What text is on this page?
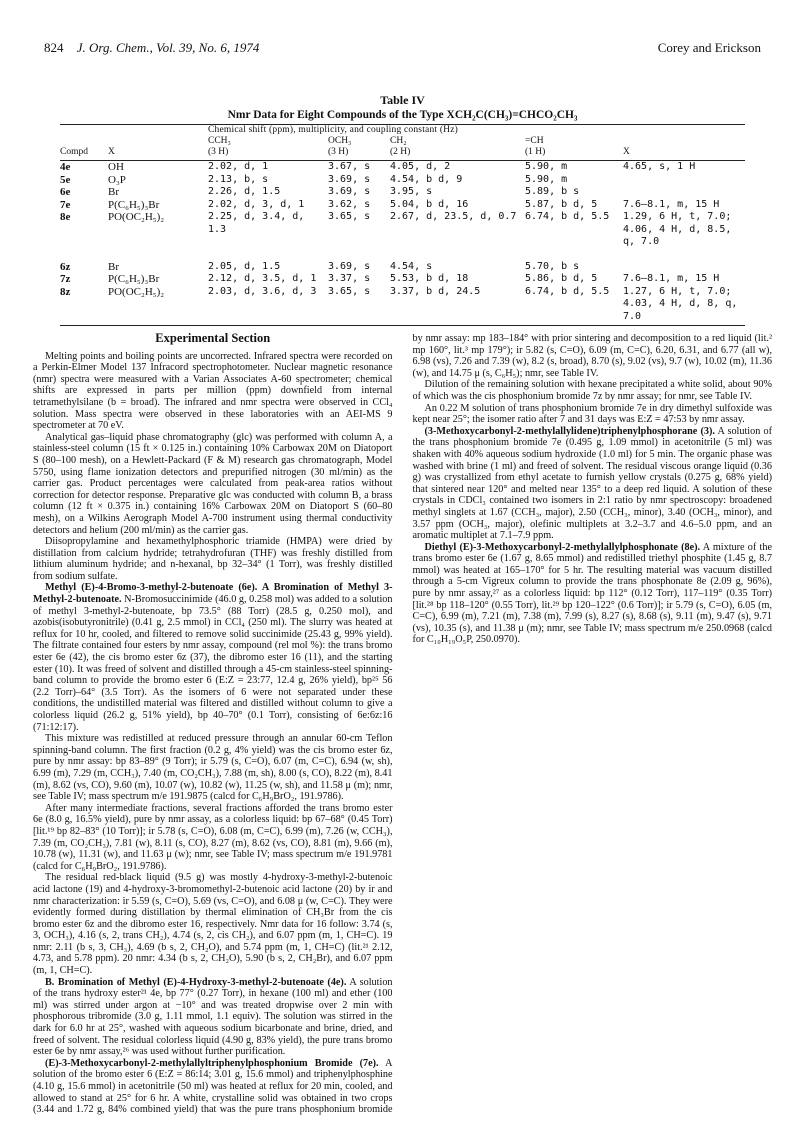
824 J. Org. Chem., Vol. 39, No. 6, 1974	Corey and Erickson
Table IV
Nmr Data for Eight Compounds of the Type XCH₂C(CH₃)=CHCO₂CH₃
		Chemical shift (ppm), multiplicity, and coupling constant (Hz)				
		CCH₃	OCH₃	CH₂	=CH	
Compd	X	(3 H)	(3 H)	(2 H)	(1 H)	X
4e	OH	2.02, d, 1	3.67, s	4.05, d, 2	5.90, m	4.65, s, 1 H
5e	O₃P	2.13, b, s	3.69, s	4.54, b d, 9	5.90, m	
6e	Br	2.26, d, 1.5	3.69, s	3.95, s	5.89, b s	
7e	P(C₆H₅)₃Br	2.02, d, 3, d, 1	3.62, s	5.04, b d, 16	5.87, b d, 5	7.6–8.1, m, 15 H
8e	PO(OC₂H₅)₂	2.25, d, 3.4, d, 1.3	3.65, s	2.67, d, 23.5, d, 0.7	6.74, b d, 5.5	1.29, 6 H, t, 7.0; 4.06, 4 H, d, 8.5, q, 7.0

6z	Br	2.05, d, 1.5	3.69, s	4.54, s	5.70, b s	
7z	P(C₆H₅)₃Br	2.12, d, 3.5, d, 1	3.37, s	5.53, b d, 18	5.86, b d, 5	7.6–8.1, m, 15 H
8z	PO(OC₂H₅)₂	2.03, d, 3.6, d, 3	3.65, s	3.37, b d, 24.5	6.74, b d, 5.5	1.27, 6 H, t, 7.0; 4.03, 4 H, d, 8, q, 7.0
Experimental Section

Melting points and boiling points are uncorrected. Infrared spectra were recorded on a Perkin-Elmer Model 137 Infracord spectrophotometer. Nuclear magnetic resonance (nmr) spectra were measured with a Varian Associates A-60 spectrometer; chemical shifts are expressed in parts per million (ppm) downfield from internal tetramethylsilane (b = broad). The infrared and nmr spectra were observed in CCl₄ solution. Mass spectra were observed in these laboratories with an AEI-MS 9 spectrometer at 70 eV.

Analytical gas–liquid phase chromatography (glc) was performed with column A, a stainless-steel column (15 ft × 0.125 in.) containing 10% Carbowax 20M on Diatoport S (80–100 mesh), on a Hewlett-Packard (F & M) research gas chromatograph, Model 5750, using flame ionization detectors and prepurified nitrogen (30 ml/min) as the carrier gas. Product percentages were calculated from peak-area ratios without correction for detector response. Preparative glc was conducted with column B, a brass column (12 ft × 0.375 in.) containing 16% Carbowax 20M on Diatoport S (60–80 mesh), on a Wilkins Aerograph Model A-700 instrument using thermal conductivity detectors and helium (200 ml/min) as the carrier gas.

Diisopropylamine and hexamethylphosphoric triamide (HMPA) were dried by distillation from calcium hydride; tetrahydrofuran (THF) was freshly distilled from lithium aluminum hydride; and n-hexanal, bp 32–34° (1 Torr), was freshly distilled from sodium sulfate.

Methyl (E)-4-Bromo-3-methyl-2-butenoate (6e). A Bromination of Methyl 3-Methyl-2-butenoate. N-Bromosuccinimide (46.0 g, 0.258 mol) was added to a solution of methyl 3-methyl-2-butenoate, bp 73.5° (88 Torr) (28.5 g, 0.250 mol), and azobis(isobutyronitrile) (0.41 g, 2.5 mmol) in CCl₄ (250 ml). The slurry was heated at reflux for 10 hr, cooled, and filtered to remove solid succinimide (25.43 g, 99% yield). The filtrate contained four esters by nmr assay, compound (rel mol %): the trans bromo ester 6e (42), the cis bromo ester 6z (37), the dibromo ester 16 (11), and the starting ester (10). It was freed of solvent and distilled through a 45-cm stainless-steel spinning-band column to provide the bromo ester 6 (E:Z = 23:77, 12.4 g, 26% yield), bp²⁵ 56 (2.2 Torr)–64° (3.5 Torr). As the isomers of 6 were not separated under these conditions, the undistilled material was filtered and distilled without column to give a colorless liquid (26.2 g, 51% yield), bp 40–70° (0.1 Torr), consisting of 6e:6z:16 (71:12:17).

This mixture was redistilled at reduced pressure through an annular 60-cm Teflon spinning-band column. The first fraction (0.2 g, 4% yield) was the cis bromo ester 6z, pure by nmr assay: bp 83–89° (9 Torr); ir 5.79 (s, C=O), 6.07 (m, C=C), 6.94 (w, sh), 6.99 (m), 7.29 (m, CCH₃), 7.40 (m, CO₂CH₃), 7.88 (m, sh), 8.00 (s, CO), 8.22 (m), 8.41 (m), 8.62 (vs, CO), 9.60 (m), 10.07 (w), 10.82 (w), 11.25 (w, sh), and 11.58 μ (m); nmr, see Table IV; mass spectrum m/e 191.9875 (calcd for C₆H₉BrO₂, 191.9786).

After many intermediate fractions, several fractions afforded the trans bromo ester 6e (8.0 g, 16.5% yield), pure by nmr assay, as a colorless liquid: bp 67–68° (0.45 Torr) [lit.¹⁹ bp 82–83° (10 Torr)]; ir 5.78 (s, C=O), 6.08 (m, C=C), 6.99 (m), 7.26 (w, CCH₃), 7.39 (m, CO₂CH₃), 7.81 (w), 8.11 (s, CO), 8.27 (m), 8.62 (vs, CO), 8.81 (m), 9.66 (m), 10.78 (w), 11.31 (w), and 11.63 μ (w); nmr, see Table IV; mass spectrum m/e 191.9781 (calcd for C₆H₉BrO₂, 191.9786).

The residual red-black liquid (9.5 g) was mostly 4-hydroxy-3-methyl-2-butenoic acid lactone (19) and 4-hydroxy-3-bromomethyl-2-butenoic acid lactone (20) by ir and nmr characterization: ir 5.59 (s, C=O), 5.69 (vs, C=O), and 6.08 μ (w, C=C). They were evidently formed during distillation by thermal elimination of CH₃Br from the cis bromo ester 6z and the dibromo ester 16, respectively. Nmr data for 16 follow: 3.74 (s, 3, OCH₃), 4.16 (s, 2, trans CH₂), 4.74 (s, 2, cis CH₂), and 6.07 ppm (m, 1, CH=C). 19 nmr: 2.11 (b s, 3, CH₃), 4.69 (b s, 2, CH₂O), and 5.74 ppm (m, 1, CH=C) (lit.²¹ 2.12, 4.73, and 5.78 ppm). 20 nmr: 4.34 (b s, 2, CH₂O), 5.90 (b s, 2, CH₂Br), and 6.07 ppm (m, 1, CH=C).

B. Bromination of Methyl (E)-4-Hydroxy-3-methyl-2-butenoate (4e). A solution of the trans hydroxy ester²¹ 4e, bp 77° (0.27 Torr), in hexane (100 ml) and ether (100 ml) was stirred under argon at −10° and was treated dropwise over 2 min with phosphorous tribromide (3.0 g, 1.11 mmol, 1.1 equiv). The solution was stirred in the dark for 6.0 hr at 25°, washed with aqueous sodium bicarbonate and brine, dried, and freed of solvent. The residual colorless liquid (4.90 g, 83% yield), the pure trans bromo ester 6e by nmr assay,²⁶ was used without further purification.

(E)-3-Methoxycarbonyl-2-methylallyltriphenylphosphonium Bromide (7e). A solution of the bromo ester 6 (E:Z = 86:14; 3.01 g, 15.6 mmol) and triphenylphosphine (4.10 g, 15.6 mmol) in acetonitrile (50 ml) was heated at reflux for 20 min, cooled, and allowed to stand at 25° for 6 hr. A white, crystalline solid was obtained in two crops (3.44 and 1.72 g, 84% combined yield) that was the pure trans phosphonium bromide by nmr assay: mp 183–184° with prior sintering and decomposition to a red liquid (lit.² mp 160°, lit.³ mp 179°); ir 5.82 (s, C=O), 6.09 (m, C=C), 6.20, 6.31, and 6.77 (all w), 6.98 (vs), 7.26 and 7.39 (w), 8.2 (s, broad), 8.70 (s), 9.02 (vs), 9.7 (w), 10.02 (m), 11.36 (w), and 14.75 μ (s, C₆H₅); nmr, see Table IV.

Dilution of the remaining solution with hexane precipitated a white solid, about 90% of which was the cis phosphonium bromide 7z by nmr assay; for nmr, see Table IV.

An 0.22 M solution of trans phosphonium bromide 7e in dry dimethyl sulfoxide was kept near 25°; the isomer ratio after 7 and 31 days was E:Z = 47:53 by nmr assay.

(3-Methoxycarbonyl-2-methylallylidene)triphenylphosphorane (3). A solution of the trans phosphonium bromide 7e (0.495 g, 1.09 mmol) in acetonitrile (5 ml) was shaken with 40% aqueous sodium hydroxide (1.0 ml) for 5 min. The organic phase was washed with brine (1 ml) and freed of solvent. The residual viscous orange liquid (0.36 g) was crystallized from ethyl acetate to furnish yellow crystals (0.275 g, 68% yield) that sintered near 120° and melted near 135° to a deep red liquid. A solution of these crystals in CDCl₃ contained two isomers in 2:1 ratio by nmr spectroscopy: broadened methyl singlets at 1.67 (CCH₃, major), 2.50 (CCH₃, minor), 3.40 (OCH₃, minor), and 3.57 ppm (OCH₃, major), olefinic multiplets at 3.2–3.7 and 4.6–5.0 ppm, and an aromatic multiplet at 7.1–7.9 ppm.

Diethyl (E)-3-Methoxycarbonyl-2-methylallylphosphonate (8e). A mixture of the trans bromo ester 6e (1.67 g, 8.65 mmol) and redistilled triethyl phosphite (1.45 g, 8.7 mmol) was heated at 165–170° for 5 hr. The resulting material was vacuum distilled through a 5-cm Vigreux column to provide the trans phosphonate 8e (2.09 g, 96%), pure by nmr assay,²⁷ as a colorless liquid: bp 112° (0.12 Torr), 117–119° (0.35 Torr) [lit.²⁸ bp 118–120° (0.55 Torr), lit.²⁹ bp 120–122° (0.6 Torr)]; ir 5.79 (s, C=O), 6.05 (m, C=C), 6.99 (m), 7.21 (m), 7.38 (m), 7.99 (s), 8.27 (s), 8.68 (s), 9.11 (m), 9.47 (s), 9.71 (vs), 10.35 (s), and 11.38 μ (m); nmr, see Table IV; mass spectrum m/e 250.0968 (calcd for C₁₀H₁₉O₅P, 250.0970).
